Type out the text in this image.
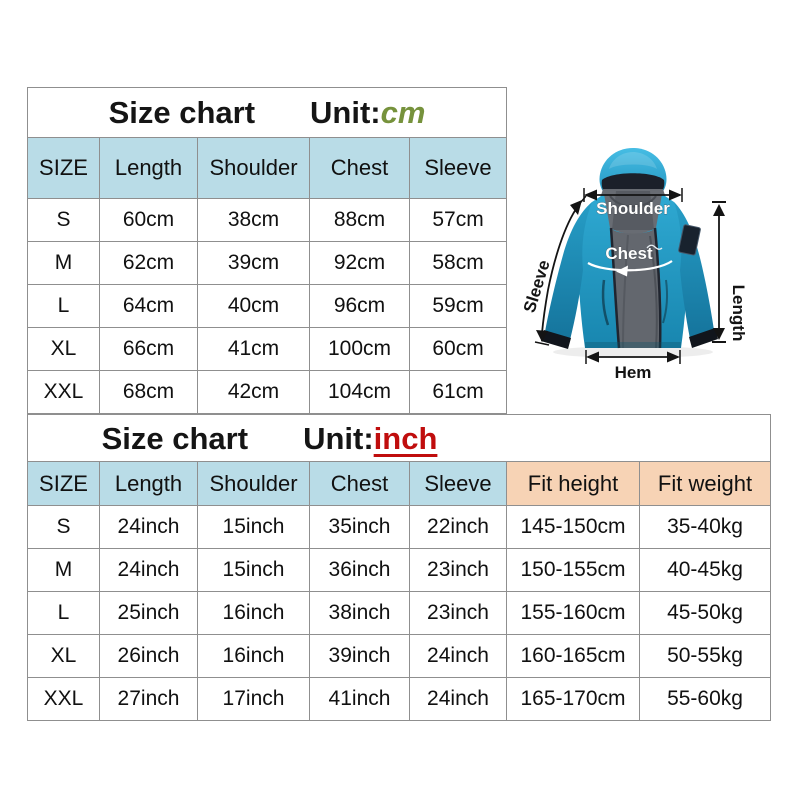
Size chart Unit: cm				

SIZE	Length	Shoulder	Chest	Sleeve
S	60cm	38cm	88cm	57cm
M	62cm	39cm	92cm	58cm
L	64cm	40cm	96cm	59cm
XL	66cm	41cm	100cm	60cm
XXL	68cm	42cm	104cm	61cm
Shoulder
Chest
Sleeve	Length
Hem
Size chart Unit: inch						

SIZE	Length	Shoulder	Chest	Sleeve	Fit height	Fit weight
S	24inch	15inch	35inch	22inch	145-150cm	35-40kg
M	24inch	15inch	36inch	23inch	150-155cm	40-45kg
L	25inch	16inch	38inch	23inch	155-160cm	45-50kg
XL	26inch	16inch	39inch	24inch	160-165cm	50-55kg
XXL	27inch	17inch	41inch	24inch	165-170cm	55-60kg
